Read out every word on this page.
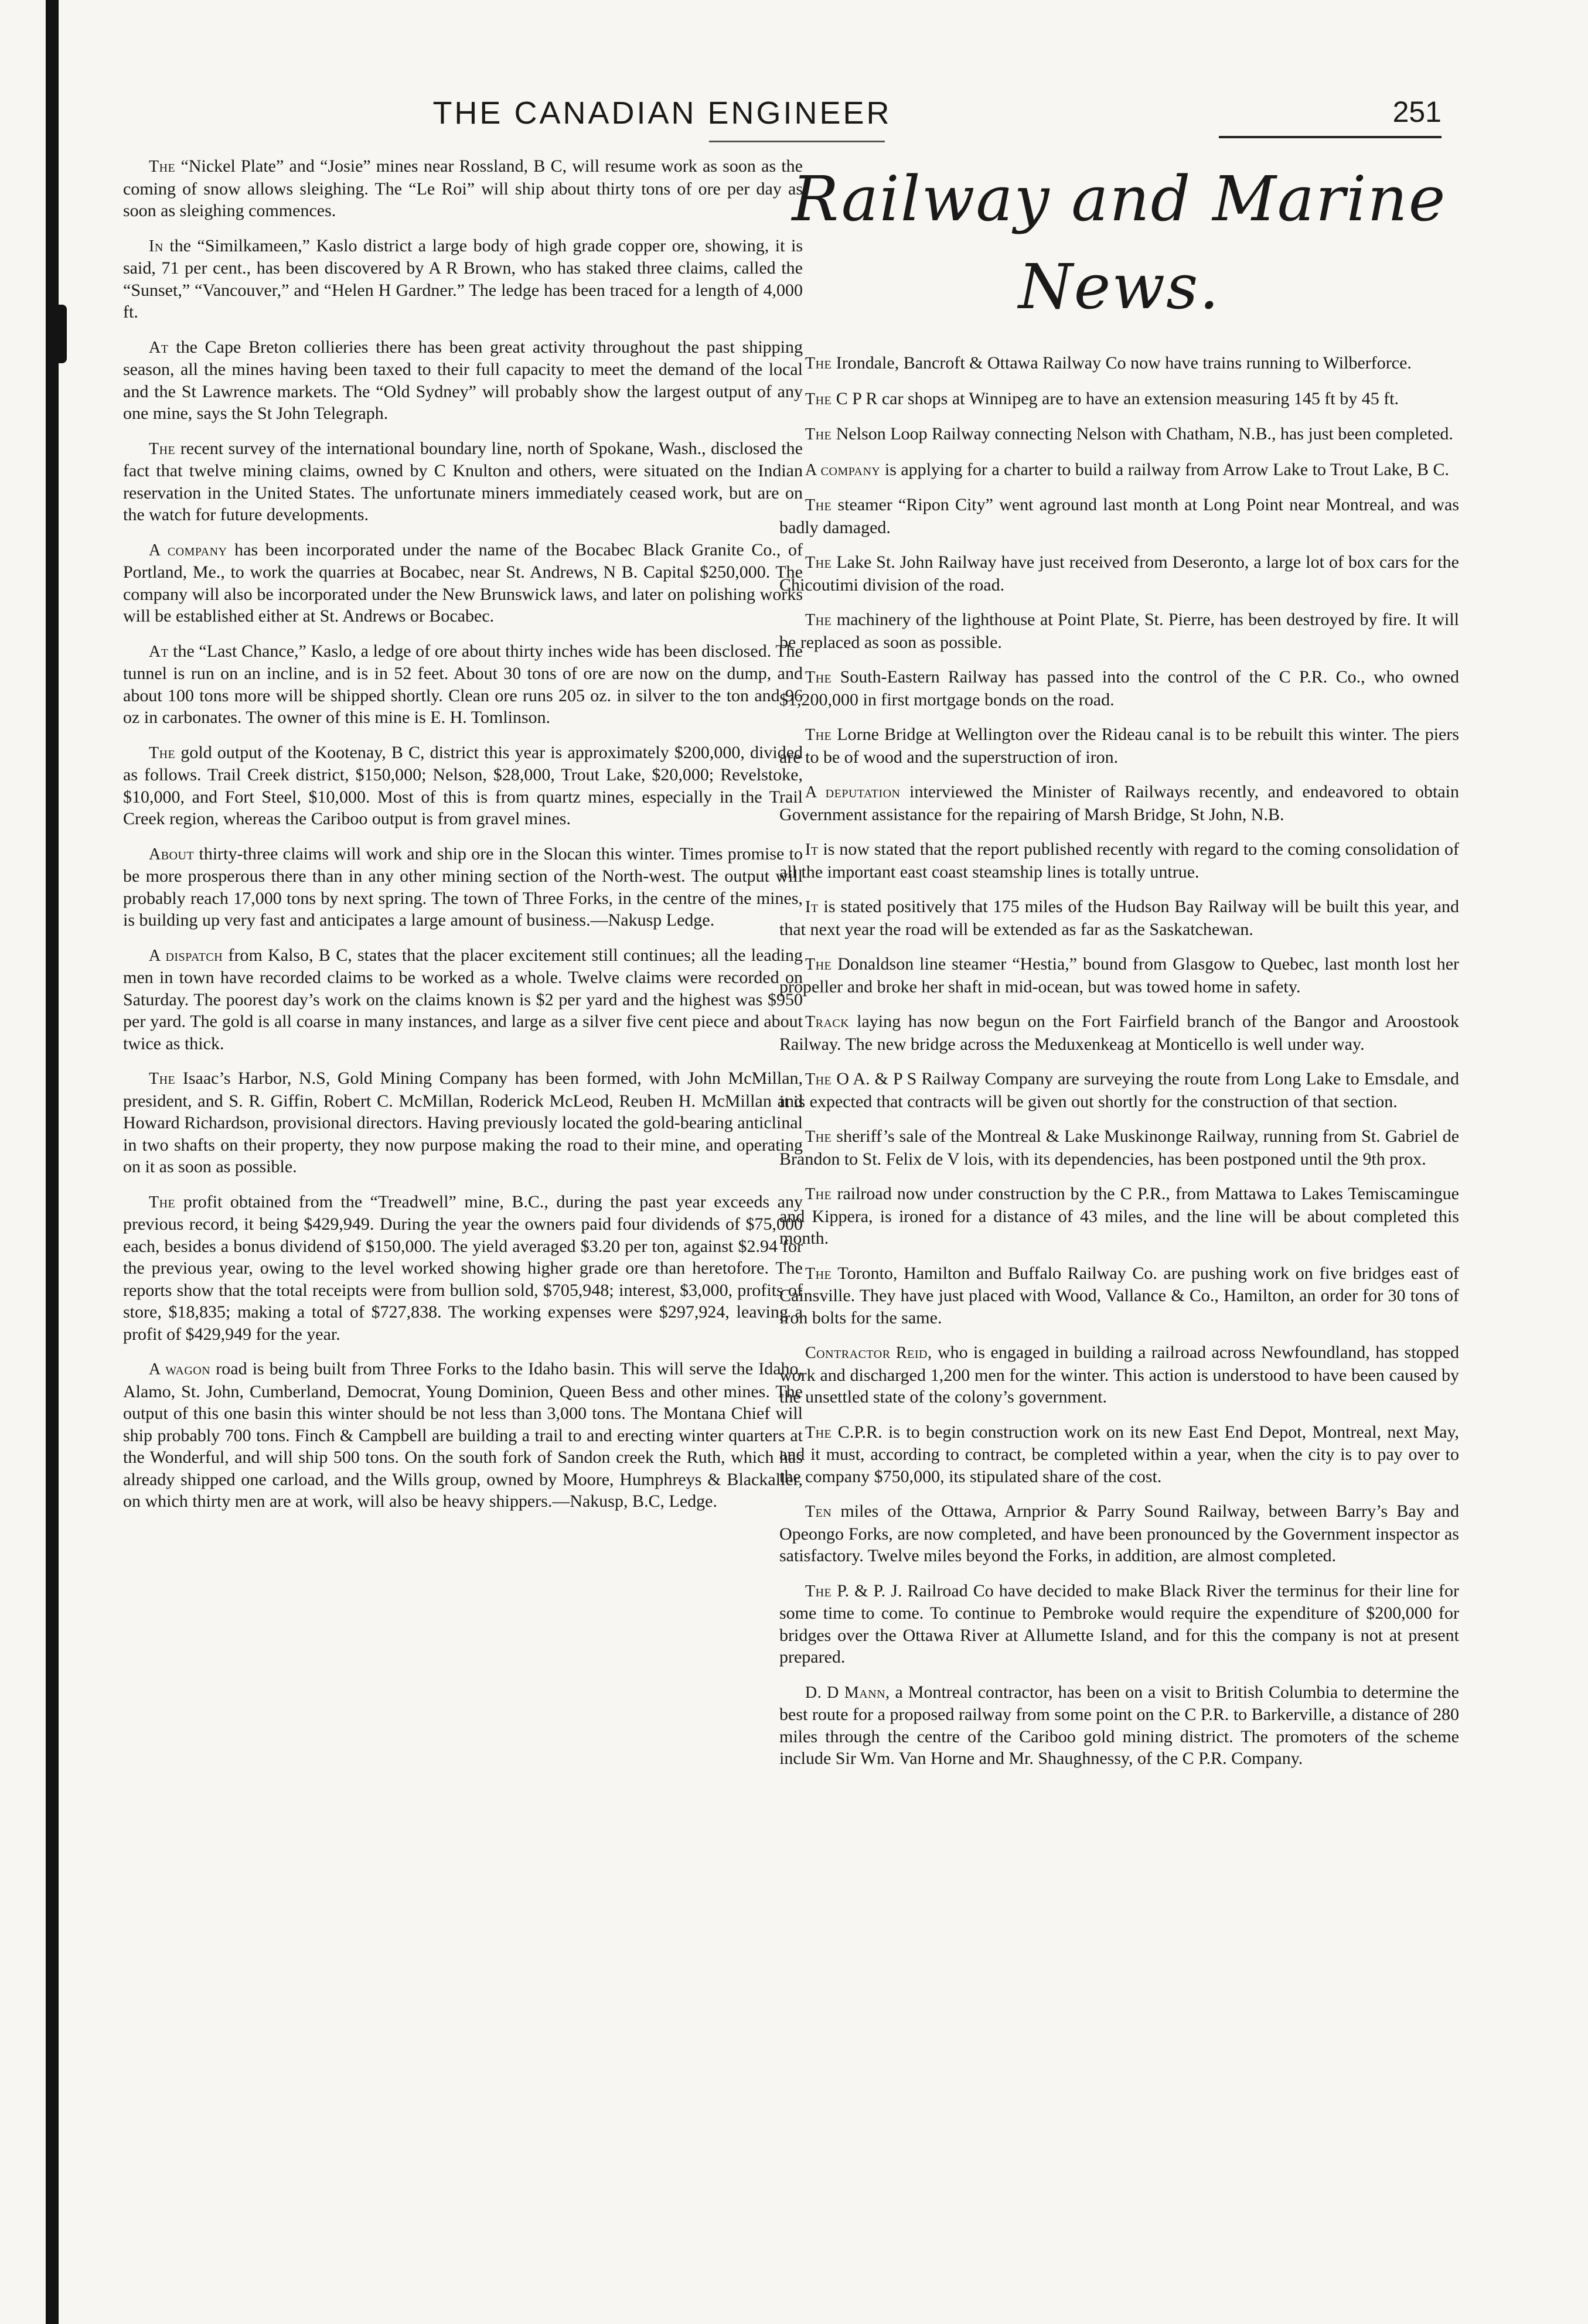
THE CANADIAN ENGINEER	251

The “Nickel Plate” and “Josie” mines near Rossland, B C, will resume work as soon as the coming of snow allows sleighing. The “Le Roi” will ship about thirty tons of ore per day as soon as sleighing commences.

In the “Similkameen,” Kaslo district a large body of high grade copper ore, showing, it is said, 71 per cent., has been discovered by A R Brown, who has staked three claims, called the “Sunset,” “Vancouver,” and “Helen H Gardner.” The ledge has been traced for a length of 4,000 ft.

At the Cape Breton collieries there has been great activity throughout the past shipping season, all the mines having been taxed to their full capacity to meet the demand of the local and the St Lawrence markets. The “Old Sydney” will probably show the largest output of any one mine, says the St John Telegraph.

The recent survey of the international boundary line, north of Spokane, Wash., disclosed the fact that twelve mining claims, owned by C Knulton and others, were situated on the Indian reservation in the United States. The unfortunate miners immediately ceased work, but are on the watch for future developments.

A company has been incorporated under the name of the Bocabec Black Granite Co., of Portland, Me., to work the quarries at Bocabec, near St. Andrews, N B. Capital $250,000. The company will also be incorporated under the New Brunswick laws, and later on polishing works will be established either at St. Andrews or Bocabec.

At the “Last Chance,” Kaslo, a ledge of ore about thirty inches wide has been disclosed. The tunnel is run on an incline, and is in 52 feet. About 30 tons of ore are now on the dump, and about 100 tons more will be shipped shortly. Clean ore runs 205 oz. in silver to the ton and 96 oz in carbonates. The owner of this mine is E. H. Tomlinson.

The gold output of the Kootenay, B C, district this year is approximately $200,000, divided as follows. Trail Creek district, $150,000; Nelson, $28,000, Trout Lake, $20,000; Revelstoke, $10,000, and Fort Steel, $10,000. Most of this is from quartz mines, especially in the Trail Creek region, whereas the Cariboo output is from gravel mines.

About thirty-three claims will work and ship ore in the Slocan this winter. Times promise to be more prosperous there than in any other mining section of the North-west. The output will probably reach 17,000 tons by next spring. The town of Three Forks, in the centre of the mines, is building up very fast and anticipates a large amount of business.—Nakusp Ledge.

A dispatch from Kalso, B C, states that the placer excitement still continues; all the leading men in town have recorded claims to be worked as a whole. Twelve claims were recorded on Saturday. The poorest day’s work on the claims known is $2 per yard and the highest was $950 per yard. The gold is all coarse in many instances, and large as a silver five cent piece and about twice as thick.

The Isaac’s Harbor, N.S, Gold Mining Company has been formed, with John McMillan, president, and S. R. Giffin, Robert C. McMillan, Roderick McLeod, Reuben H. McMillan and Howard Richardson, provisional directors. Having previously located the gold-bearing anticlinal in two shafts on their property, they now purpose making the road to their mine, and operating on it as soon as possible.

The profit obtained from the “Treadwell” mine, B.C., during the past year exceeds any previous record, it being $429,949. During the year the owners paid four dividends of $75,000 each, besides a bonus dividend of $150,000. The yield averaged $3.20 per ton, against $2.94 for the previous year, owing to the level worked showing higher grade ore than heretofore. The reports show that the total receipts were from bullion sold, $705,948; interest, $3,000, profits of store, $18,835; making a total of $727,838. The working expenses were $297,924, leaving a profit of $429,949 for the year.

A wagon road is being built from Three Forks to the Idaho basin. This will serve the Idaho, Alamo, St. John, Cumberland, Democrat, Young Dominion, Queen Bess and other mines. The output of this one basin this winter should be not less than 3,000 tons. The Montana Chief will ship probably 700 tons. Finch & Campbell are building a trail to and erecting winter quarters at the Wonderful, and will ship 500 tons. On the south fork of Sandon creek the Ruth, which has already shipped one carload, and the Wills group, owned by Moore, Humphreys & Blackaller, on which thirty men are at work, will also be heavy shippers.—Nakusp, B.C, Ledge.

Railway and Marine News.

The Irondale, Bancroft & Ottawa Railway Co now have trains running to Wilberforce.

The C P R car shops at Winnipeg are to have an extension measuring 145 ft by 45 ft.

The Nelson Loop Railway connecting Nelson with Chatham, N.B., has just been completed.

A company is applying for a charter to build a railway from Arrow Lake to Trout Lake, B C.

The steamer “Ripon City” went aground last month at Long Point near Montreal, and was badly damaged.

The Lake St. John Railway have just received from Deseronto, a large lot of box cars for the Chicoutimi division of the road.

The machinery of the lighthouse at Point Plate, St. Pierre, has been destroyed by fire. It will be replaced as soon as possible.

The South-Eastern Railway has passed into the control of the C P.R. Co., who owned $1,200,000 in first mortgage bonds on the road.

The Lorne Bridge at Wellington over the Rideau canal is to be rebuilt this winter. The piers are to be of wood and the superstruction of iron.

A deputation interviewed the Minister of Railways recently, and endeavored to obtain Government assistance for the repairing of Marsh Bridge, St John, N.B.

It is now stated that the report published recently with regard to the coming consolidation of all the important east coast steamship lines is totally untrue.

It is stated positively that 175 miles of the Hudson Bay Railway will be built this year, and that next year the road will be extended as far as the Saskatchewan.

The Donaldson line steamer “Hestia,” bound from Glasgow to Quebec, last month lost her propeller and broke her shaft in mid-ocean, but was towed home in safety.

Track laying has now begun on the Fort Fairfield branch of the Bangor and Aroostook Railway. The new bridge across the Meduxenkeag at Monticello is well under way.

The O A. & P S Railway Company are surveying the route from Long Lake to Emsdale, and it is expected that contracts will be given out shortly for the construction of that section.

The sheriff’s sale of the Montreal & Lake Muskinonge Railway, running from St. Gabriel de Brandon to St. Felix de V lois, with its dependencies, has been postponed until the 9th prox.

The railroad now under construction by the C P.R., from Mattawa to Lakes Temiscamingue and Kippera, is ironed for a distance of 43 miles, and the line will be about completed this month.

The Toronto, Hamilton and Buffalo Railway Co. are pushing work on five bridges east of Cainsville. They have just placed with Wood, Vallance & Co., Hamilton, an order for 30 tons of iron bolts for the same.

Contractor Reid, who is engaged in building a railroad across Newfoundland, has stopped work and discharged 1,200 men for the winter. This action is understood to have been caused by the unsettled state of the colony’s government.

The C.P.R. is to begin construction work on its new East End Depot, Montreal, next May, and it must, according to contract, be completed within a year, when the city is to pay over to the company $750,000, its stipulated share of the cost.

Ten miles of the Ottawa, Arnprior & Parry Sound Railway, between Barry’s Bay and Opeongo Forks, are now completed, and have been pronounced by the Government inspector as satisfactory. Twelve miles beyond the Forks, in addition, are almost completed.

The P. & P. J. Railroad Co have decided to make Black River the terminus for their line for some time to come. To continue to Pembroke would require the expenditure of $200,000 for bridges over the Ottawa River at Allumette Island, and for this the company is not at present prepared.

D. D Mann, a Montreal contractor, has been on a visit to British Columbia to determine the best route for a proposed railway from some point on the C P.R. to Barkerville, a distance of 280 miles through the centre of the Cariboo gold mining district. The promoters of the scheme include Sir Wm. Van Horne and Mr. Shaughnessy, of the C P.R. Company.
